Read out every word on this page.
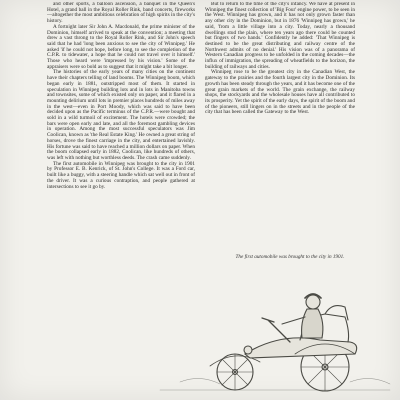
and other sports, a balloon ascension, a banquet in the Queen's Hotel, a grand ball in the Royal Roller Rink, band concerts, fireworks—altogether the most ambitious celebration of high spirits in the city's history.

A fortnight later Sir John A. Macdonald, the prime minister of the Dominion, himself arrived to speak at the convention; a meeting that drew a vast throng to the Royal Roller Rink, and Sir John's speech said that he had 'long been anxious to see the city of Winnipeg.' He asked 'if he could not hope, before long, to see the completion of the C.P.R. to tidewater, a hope that he could not travel over it himself.' Those who heard were 'impressed by his vision.' Some of the appraisers were so bold as to suggest that it might take a bit longer.

The histories of the early years of many cities on the continent have their chapters telling of land booms. The Winnipeg boom, which began early in 1881, outstripped most of them. It started in speculation in Winnipeg building lots and in lots in Manitoba towns and townsites, some of which existed only on paper, and it flared in a mounting delirium until lots in premier places hundreds of miles away in the west—even in Port Moody, which was said to have been decided upon as the Pacific terminus of the C.P.R.—were bought and sold in a wild turmoil of excitement. The hotels were crowded; the bars were open early and late, and all the foremost gambling devices in operation. Among the most successful speculators was Jim Coolican, known as 'the Real Estate King.' He owned a great string of horses, drove the finest carriage in the city, and entertained lavishly. His fortune was said to have reached a million dollars on paper. When the boom collapsed early in 1882, Coolican, like hundreds of others, was left with nothing but worthless deeds. The crash came suddenly.

The first automobile in Winnipeg was brought to the city in 1901 by Professor E. B. Kenrick, of St. John's College. It was a Ford car, built like a buggy, with a steering handle which sat well out in front of the driver. It was a curious contraption, and people gathered at intersections to see it go by.

But to return to the time of the city's infancy. We have at present in Winnipeg the finest collection of 'Big Four' engine power, to be seen in the West. Winnipeg has grown, and it has not only grown faster than any other city in the Dominion, but in 1876 'Winnipeg has grown,' he said, 'from a little village into a city. Today, nearly a thousand dwellings stud the plain, where ten years ago there could be counted but fingers of two hands.' Confidently he added: 'That Winnipeg is destined to be the great distributing and railway centre of the Northwest admits of no denial.' His vision was of a panorama of Western Canadian progress to be unfolded in the coming decades—the influx of immigration, the spreading of wheatfields to the horizon, the building of railways and cities.

Winnipeg rose to be the greatest city in the Canadian West, the gateway to the prairies and the fourth largest city in the Dominion. Its growth has been steady through the years, and it has become one of the great grain markets of the world. The grain exchange, the railway shops, the stockyards and the wholesale houses have all contributed to its prosperity. Yet the spirit of the early days, the spirit of the boom and of the pioneers, still lingers on in the streets and in the people of the city that has been called the Gateway to the West.

The first automobile was brought to the city in 1901.
